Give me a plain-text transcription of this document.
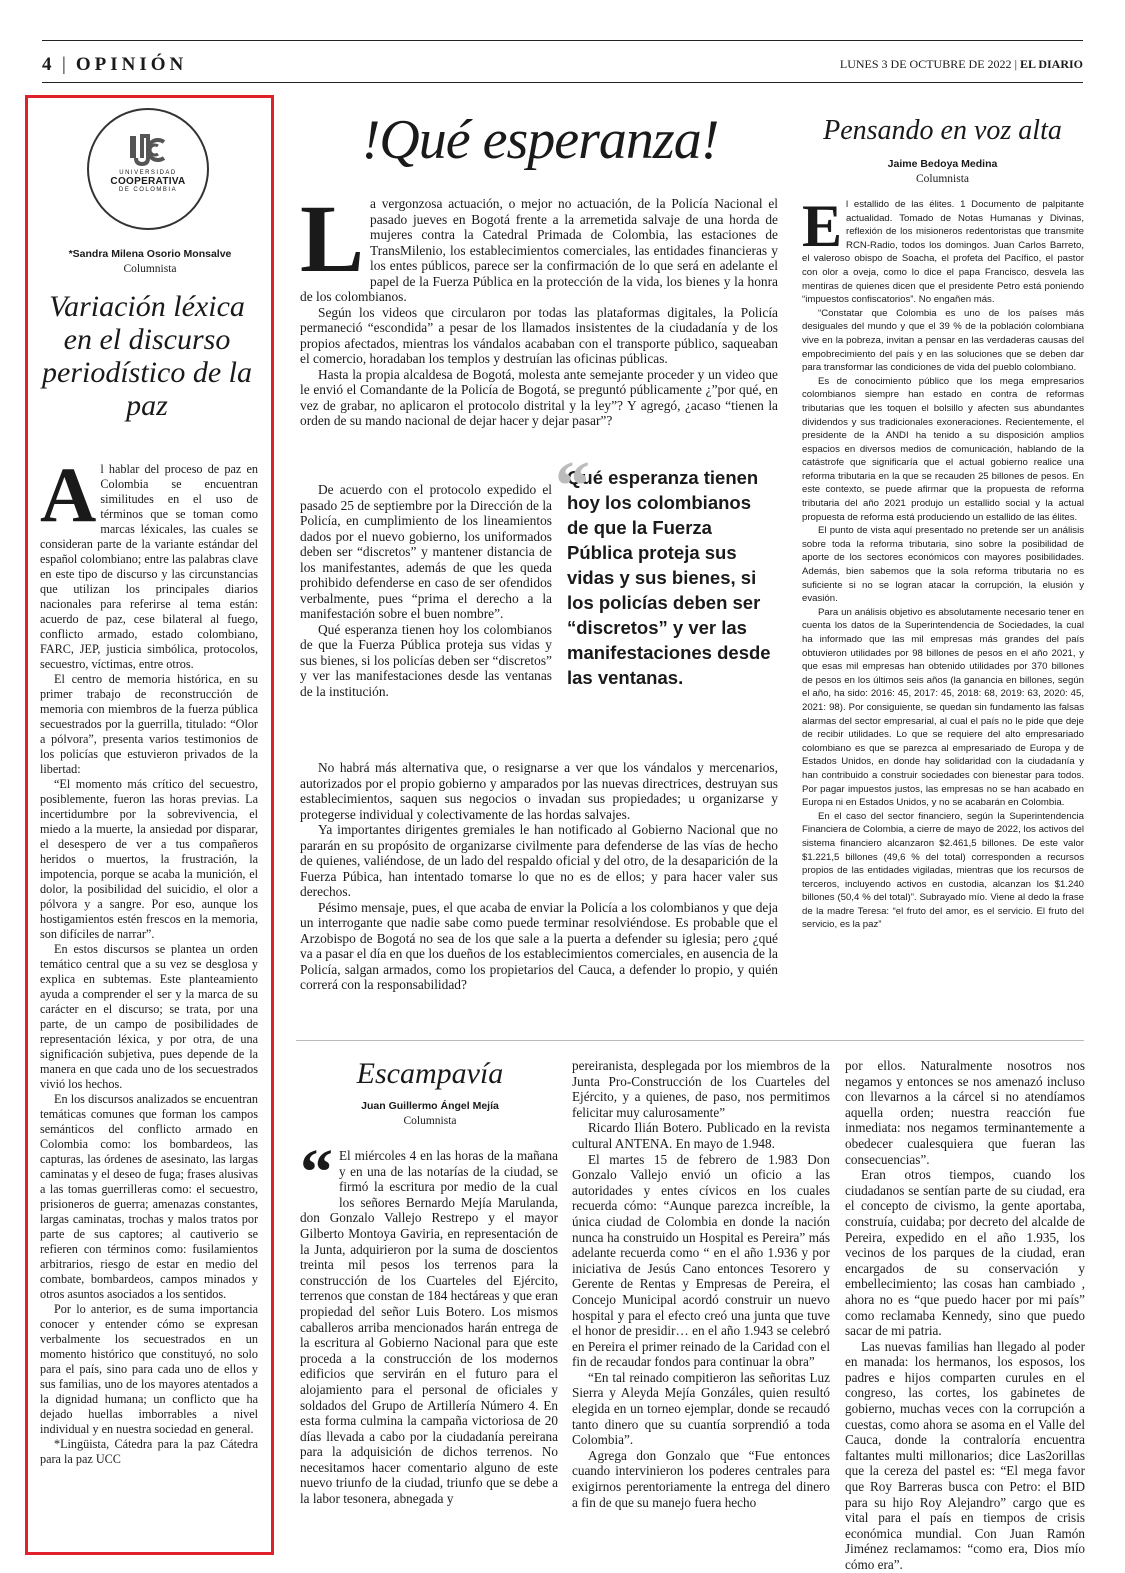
4
|	OPINIÓN	LUNES 3 DE OCTUBRE DE 2022 | EL DIARIO
UNIVERSIDAD
COOPERATIVA
DE COLOMBIA
*Sandra Milena Osorio Monsalve
Columnista
Variación léxica en el discurso periodístico de la paz
A l hablar del proceso de paz en Colombia se encuentran similitudes en el uso de términos que se toman como marcas léxicales, las cuales se consideran parte de la variante estándar del español colombiano; entre las palabras clave en este tipo de discurso y las circunstancias que utilizan los principales diarios nacionales para referirse al tema están: acuerdo de paz, cese bilateral al fuego, conflicto armado, estado colombiano, FARC, JEP, justicia simbólica, protocolos, secuestro, víctimas, entre otros.

El centro de memoria histórica, en su primer trabajo de reconstrucción de memoria con miembros de la fuerza pública secuestrados por la guerrilla, titulado: “Olor a pólvora”, presenta varios testimonios de los policías que estuvieron privados de la libertad:

“El momento más crítico del secuestro, posiblemente, fueron las horas previas. La incertidumbre por la sobrevivencia, el miedo a la muerte, la ansiedad por disparar, el desespero de ver a tus compañeros heridos o muertos, la frustración, la impotencia, porque se acaba la munición, el dolor, la posibilidad del suicidio, el olor a pólvora y a sangre. Por eso, aunque los hostigamientos estén frescos en la memoria, son difíciles de narrar”.

En estos discursos se plantea un orden temático central que a su vez se desglosa y explica en subtemas. Este planteamiento ayuda a comprender el ser y la marca de su carácter en el discurso; se trata, por una parte, de un campo de posibilidades de representación léxica, y por otra, de una significación subjetiva, pues depende de la manera en que cada uno de los secuestrados vivió los hechos.

En los discursos analizados se encuentran temáticas comunes que forman los campos semánticos del conflicto armado en Colombia como: los bombardeos, las capturas, las órdenes de asesinato, las largas caminatas y el deseo de fuga; frases alusivas a las tomas guerrilleras como: el secuestro, prisioneros de guerra; amenazas constantes, largas caminatas, trochas y malos tratos por parte de sus captores; al cautiverio se refieren con términos como: fusilamientos arbitrarios, riesgo de estar en medio del combate, bombardeos, campos minados y otros asuntos asociados a los sentidos.

Por lo anterior, es de suma importancia conocer y entender cómo se expresan verbalmente los secuestrados en un momento histórico que constituyó, no solo para el país, sino para cada uno de ellos y sus familias, uno de los mayores atentados a la dignidad humana; un conflicto que ha dejado huellas imborrables a nivel individual y en nuestra sociedad en general.

*Lingüista, Cátedra para la paz Cátedra para la paz UCC

!Qué esperanza!
L a vergonzosa actuación, o mejor no actuación, de la Policía Nacional el pasado jueves en Bogotá frente a la arremetida salvaje de una horda de mujeres contra la Catedral Primada de Colombia, las estaciones de TransMilenio, los establecimientos comerciales, las entidades financieras y los entes públicos, parece ser la confirmación de lo que será en adelante el papel de la Fuerza Pública en la protección de la vida, los bienes y la honra de los colombianos.

Según los videos que circularon por todas las plataformas digitales, la Policía permaneció “escondida” a pesar de los llamados insistentes de la ciudadanía y de los propios afectados, mientras los vándalos acababan con el transporte público, saqueaban el comercio, horadaban los templos y destruían las oficinas públicas.

Hasta la propia alcaldesa de Bogotá, molesta ante semejante proceder y un video que le envió el Comandante de la Policía de Bogotá, se preguntó públicamente ¿”por qué, en vez de grabar, no aplicaron el protocolo distrital y la ley”? Y agregó, ¿acaso “tienen la orden de su mando nacional de dejar hacer y dejar pasar”?

De acuerdo con el protocolo expedido el pasado 25 de septiembre por la Dirección de la Policía, en cumplimiento de los lineamientos dados por el nuevo gobierno, los uniformados deben ser “discretos” y mantener distancia de los manifestantes, además de que les queda prohibido defenderse en caso de ser ofendidos verbalmente, pues “prima el derecho a la manifestación sobre el buen nombre”.

Qué esperanza tienen hoy los colombianos de que la Fuerza Pública proteja sus vidas y sus bienes, si los policías deben ser “discretos” y ver las manifestaciones desde las ventanas de la institución.

“
Qué esperanza tienen hoy los colombianos de que la Fuerza Pública proteja sus vidas y sus bienes, si los policías deben ser “discretos” y ver las manifestaciones desde las ventanas.

No habrá más alternativa que, o resignarse a ver que los vándalos y mercenarios, autorizados por el propio gobierno y amparados por las nuevas directrices, destruyan sus establecimientos, saquen sus negocios o invadan sus propiedades; u organizarse y protegerse individual y colectivamente de las hordas salvajes.

Ya importantes dirigentes gremiales le han notificado al Gobierno Nacional que no pararán en su propósito de organizarse civilmente para defenderse de las vías de hecho de quienes, valiéndose, de un lado del respaldo oficial y del otro, de la desaparición de la Fuerza Púbica, han intentado tomarse lo que no es de ellos; y para hacer valer sus derechos.

Pésimo mensaje, pues, el que acaba de enviar la Policía a los colombianos y que deja un interrogante que nadie sabe como puede terminar resolviéndose. Es probable que el Arzobispo de Bogotá no sea de los que sale a la puerta a defender su iglesia; pero ¿qué va a pasar el día en que los dueños de los establecimientos comerciales, en ausencia de la Policía, salgan armados, como los propietarios del Cauca, a defender lo propio, y quién correrá con la responsabilidad?

Pensando en voz alta
Jaime Bedoya Medina
Columnista
E l estallido de las élites. 1 Documento de palpitante actualidad. Tomado de Notas Humanas y Divinas, reflexión de los misioneros redentoristas que transmite RCN-Radio, todos los domingos. Juan Carlos Barreto, el valeroso obispo de Soacha, el profeta del Pacífico, el pastor con olor a oveja, como lo dice el papa Francisco, desvela las mentiras de quienes dicen que el presidente Petro está poniendo “impuestos confiscatorios”. No engañen más.

“Constatar que Colombia es uno de los países más desiguales del mundo y que el 39 % de la población colombiana vive en la pobreza, invitan a pensar en las verdaderas causas del empobrecimiento del país y en las soluciones que se deben dar para transformar las condiciones de vida del pueblo colombiano.

Es de conocimiento público que los mega empresarios colombianos siempre han estado en contra de reformas tributarias que les toquen el bolsillo y afecten sus abundantes dividendos y sus tradicionales exoneraciones. Recientemente, el presidente de la ANDI ha tenido a su disposición amplios espacios en diversos medios de comunicación, hablando de la catástrofe que significaría que el actual gobierno realice una reforma tributaria en la que se recauden 25 billones de pesos. En este contexto, se puede afirmar que la propuesta de reforma tributaria del año 2021 produjo un estallido social y la actual propuesta de reforma está produciendo un estallido de las élites.

El punto de vista aquí presentado no pretende ser un análisis sobre toda la reforma tributaria, sino sobre la posibilidad de aporte de los sectores económicos con mayores posibilidades. Además, bien sabemos que la sola reforma tributaria no es suficiente si no se logran atacar la corrupción, la elusión y evasión.

Para un análisis objetivo es absolutamente necesario tener en cuenta los datos de la Superintendencia de Sociedades, la cual ha informado que las mil empresas más grandes del país obtuvieron utilidades por 98 billones de pesos en el año 2021, y que esas mil empresas han obtenido utilidades por 370 billones de pesos en los últimos seis años (la ganancia en billones, según el año, ha sido: 2016: 45, 2017: 45, 2018: 68, 2019: 63, 2020: 45, 2021: 98). Por consiguiente, se quedan sin fundamento las falsas alarmas del sector empresarial, al cual el país no le pide que deje de recibir utilidades. Lo que se requiere del alto empresariado colombiano es que se parezca al empresariado de Europa y de Estados Unidos, en donde hay solidaridad con la ciudadanía y han contribuido a construir sociedades con bienestar para todos. Por pagar impuestos justos, las empresas no se han acabado en Europa ni en Estados Unidos, y no se acabarán en Colombia.

En el caso del sector financiero, según la Superintendencia Financiera de Colombia, a cierre de mayo de 2022, los activos del sistema financiero alcanzaron $2.461,5 billones. De este valor $1.221,5 billones (49,6 % del total) corresponden a recursos propios de las entidades vigiladas, mientras que los recursos de terceros, incluyendo activos en custodia, alcanzan los $1.240 billones (50,4 % del total)”. Subrayado mío. Viene al dedo la frase de la madre Teresa: “el fruto del amor, es el servicio. El fruto del servicio, es la paz”

Escampavía
Juan Guillermo Ángel Mejía
Columnista
“ El miércoles 4 en las horas de la mañana y en una de las notarías de la ciudad, se firmó la escritura por medio de la cual los señores Bernardo Mejía Marulanda, don Gonzalo Vallejo Restrepo y el mayor Gilberto Montoya Gaviria, en representación de la Junta, adquirieron por la suma de doscientos treinta mil pesos los terrenos para la construcción de los Cuarteles del Ejército, terrenos que constan de 184 hectáreas y que eran propiedad del señor Luis Botero. Los mismos caballeros arriba mencionados harán entrega de la escritura al Gobierno Nacional para que este proceda a la construcción de los modernos edificios que servirán en el futuro para el alojamiento para el personal de oficiales y soldados del Grupo de Artillería Número 4. En esta forma culmina la campaña victoriosa de 20 días llevada a cabo por la ciudadanía pereirana para la adquisición de dichos terrenos. No necesitamos hacer comentario alguno de este nuevo triunfo de la ciudad, triunfo que se debe a la labor tesonera, abnegada y

pereiranista, desplegada por los miembros de la Junta Pro-Construcción de los Cuarteles del Ejército, y a quienes, de paso, nos permitimos felicitar muy calurosamente”

Ricardo Ilián Botero. Publicado en la revista cultural ANTENA. En mayo de 1.948.

El martes 15 de febrero de 1.983 Don Gonzalo Vallejo envió un oficio a las autoridades y entes cívicos en los cuales recuerda cómo: “Aunque parezca increíble, la única ciudad de Colombia en donde la nación nunca ha construido un Hospital es Pereira” más adelante recuerda como “ en el año 1.936 y por iniciativa de Jesús Cano entonces Tesorero y Gerente de Rentas y Empresas de Pereira, el Concejo Municipal acordó construir un nuevo hospital y para el efecto creó una junta que tuve el honor de presidir… en el año 1.943 se celebró en Pereira el primer reinado de la Caridad con el fin de recaudar fondos para continuar la obra”

“En tal reinado compitieron las señoritas Luz Sierra y Aleyda Mejía Gonzáles, quien resultó elegida en un torneo ejemplar, donde se recaudó tanto dinero que su cuantía sorprendió a toda Colombia”.

Agrega don Gonzalo que “Fue entonces cuando intervinieron los poderes centrales para exigirnos perentoriamente la entrega del dinero a fin de que su manejo fuera hecho

por ellos. Naturalmente nosotros nos negamos y entonces se nos amenazó incluso con llevarnos a la cárcel si no atendíamos aquella orden; nuestra reacción fue inmediata: nos negamos terminantemente a obedecer cualesquiera que fueran las consecuencias”.

Eran otros tiempos, cuando los ciudadanos se sentían parte de su ciudad, era el concepto de civismo, la gente aportaba, construía, cuidaba; por decreto del alcalde de Pereira, expedido en el año 1.935, los vecinos de los parques de la ciudad, eran encargados de su conservación y embellecimiento; las cosas han cambiado , ahora no es “que puedo hacer por mi país” como reclamaba Kennedy, sino que puedo sacar de mi patria.

Las nuevas familias han llegado al poder en manada: los hermanos, los esposos, los padres e hijos comparten curules en el congreso, las cortes, los gabinetes de gobierno, muchas veces con la corrupción a cuestas, como ahora se asoma en el Valle del Cauca, donde la contraloría encuentra faltantes multi millonarios; dice Las2orillas que la cereza del pastel es: “El mega favor que Roy Barreras busca con Petro: el BID para su hijo Roy Alejandro” cargo que es vital para el país en tiempos de crisis económica mundial. Con Juan Ramón Jiménez reclamamos: “como era, Dios mío cómo era”.
